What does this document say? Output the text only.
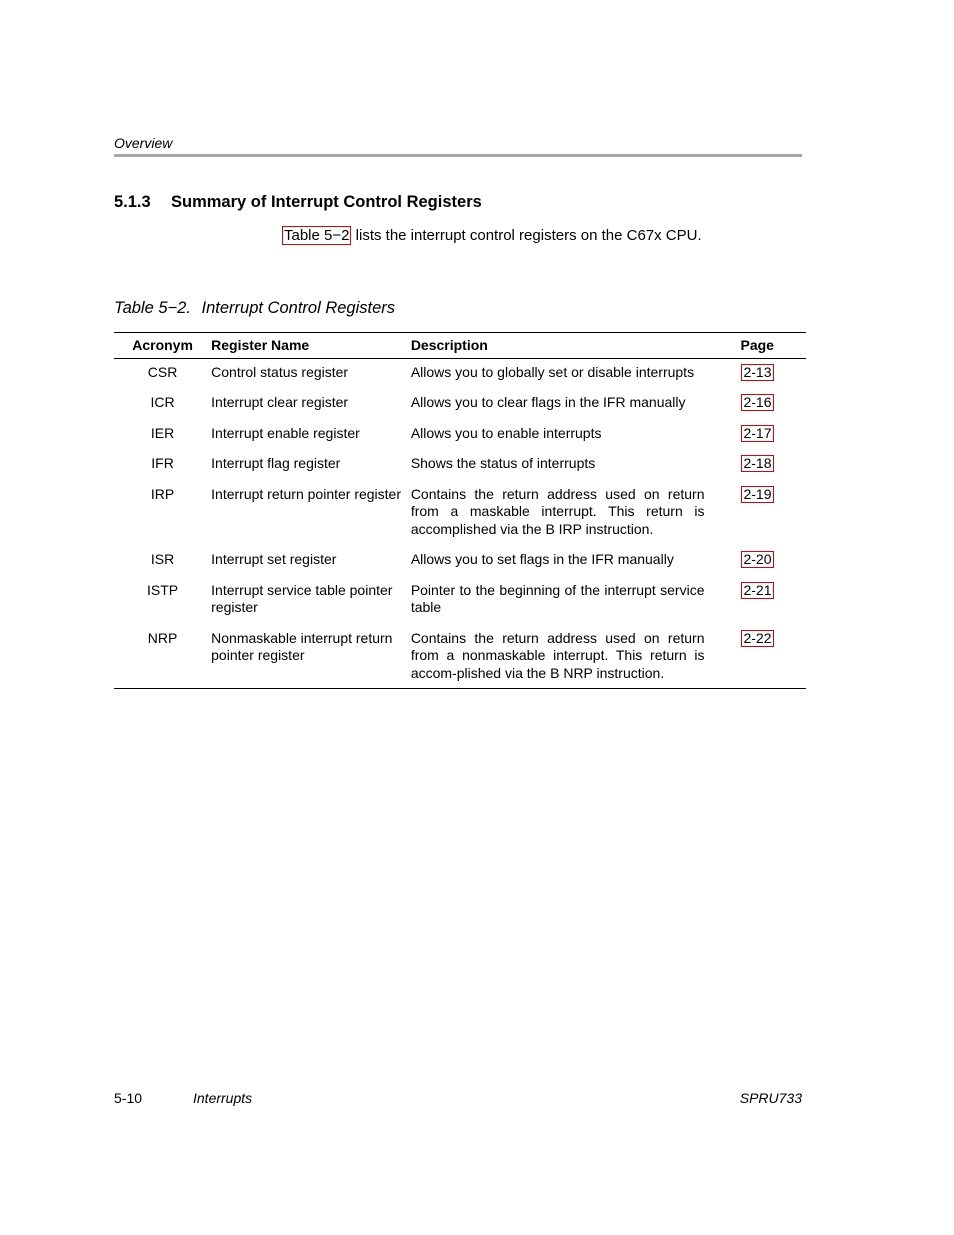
Overview
5.1.3 Summary of Interrupt Control Registers
Table 5−2 lists the interrupt control registers on the C67x CPU.
Table 5−2. Interrupt Control Registers
Acronym	Register Name	Description	Page
CSR	Control status register	Allows you to globally set or disable interrupts	2-13
ICR	Interrupt clear register	Allows you to clear flags in the IFR manually	2-16
IER	Interrupt enable register	Allows you to enable interrupts	2-17
IFR	Interrupt flag register	Shows the status of interrupts	2-18
IRP	Interrupt return pointer register	Contains the return address used on return from a maskable interrupt. This return is accomplished via the B IRP instruction.	2-19
ISR	Interrupt set register	Allows you to set flags in the IFR manually	2-20
ISTP	Interrupt service table pointer register	Pointer to the beginning of the interrupt service table	2-21
NRP	Nonmaskable interrupt return pointer register	Contains the return address used on return from a nonmaskable interrupt. This return is accom-plished via the B NRP instruction.	2-22
5-10	Interrupts	SPRU733
